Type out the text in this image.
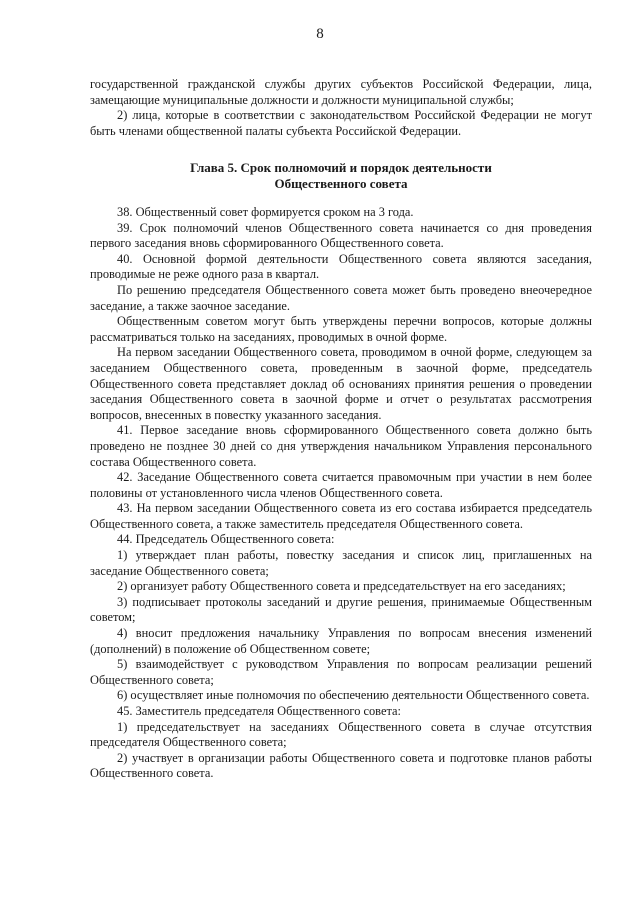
8

государственной гражданской службы других субъектов Российской Федерации, лица, замещающие муниципальные должности и должности муниципальной службы;

2) лица, которые в соответствии с законодательством Российской Федерации не могут быть членами общественной палаты субъекта Российской Федерации.

Глава 5. Срок полномочий и порядок деятельности
Общественного совета

38. Общественный совет формируется сроком на 3 года.

39. Срок полномочий членов Общественного совета начинается со дня проведения первого заседания вновь сформированного Общественного совета.

40. Основной формой деятельности Общественного совета являются заседания, проводимые не реже одного раза в квартал.

По решению председателя Общественного совета может быть проведено внеочередное заседание, а также заочное заседание.

Общественным советом могут быть утверждены перечни вопросов, которые должны рассматриваться только на заседаниях, проводимых в очной форме.

На первом заседании Общественного совета, проводимом в очной форме, следующем за заседанием Общественного совета, проведенным в заочной форме, председатель Общественного совета представляет доклад об основаниях принятия решения о проведении заседания Общественного совета в заочной форме и отчет о результатах рассмотрения вопросов, внесенных в повестку указанного заседания.

41. Первое заседание вновь сформированного Общественного совета должно быть проведено не позднее 30 дней со дня утверждения начальником Управления персонального состава Общественного совета.

42. Заседание Общественного совета считается правомочным при участии в нем более половины от установленного числа членов Общественного совета.

43. На первом заседании Общественного совета из его состава избирается председатель Общественного совета, а также заместитель председателя Общественного совета.

44. Председатель Общественного совета:

1) утверждает план работы, повестку заседания и список лиц, приглашенных на заседание Общественного совета;

2) организует работу Общественного совета и председательствует на его заседаниях;

3) подписывает протоколы заседаний и другие решения, принимаемые Общественным советом;

4) вносит предложения начальнику Управления по вопросам внесения изменений (дополнений) в положение об Общественном совете;

5) взаимодействует с руководством Управления по вопросам реализации решений Общественного совета;

6) осуществляет иные полномочия по обеспечению деятельности Общественного совета.

45. Заместитель председателя Общественного совета:

1) председательствует на заседаниях Общественного совета в случае отсутствия председателя Общественного совета;

2) участвует в организации работы Общественного совета и подготовке планов работы Общественного совета.
